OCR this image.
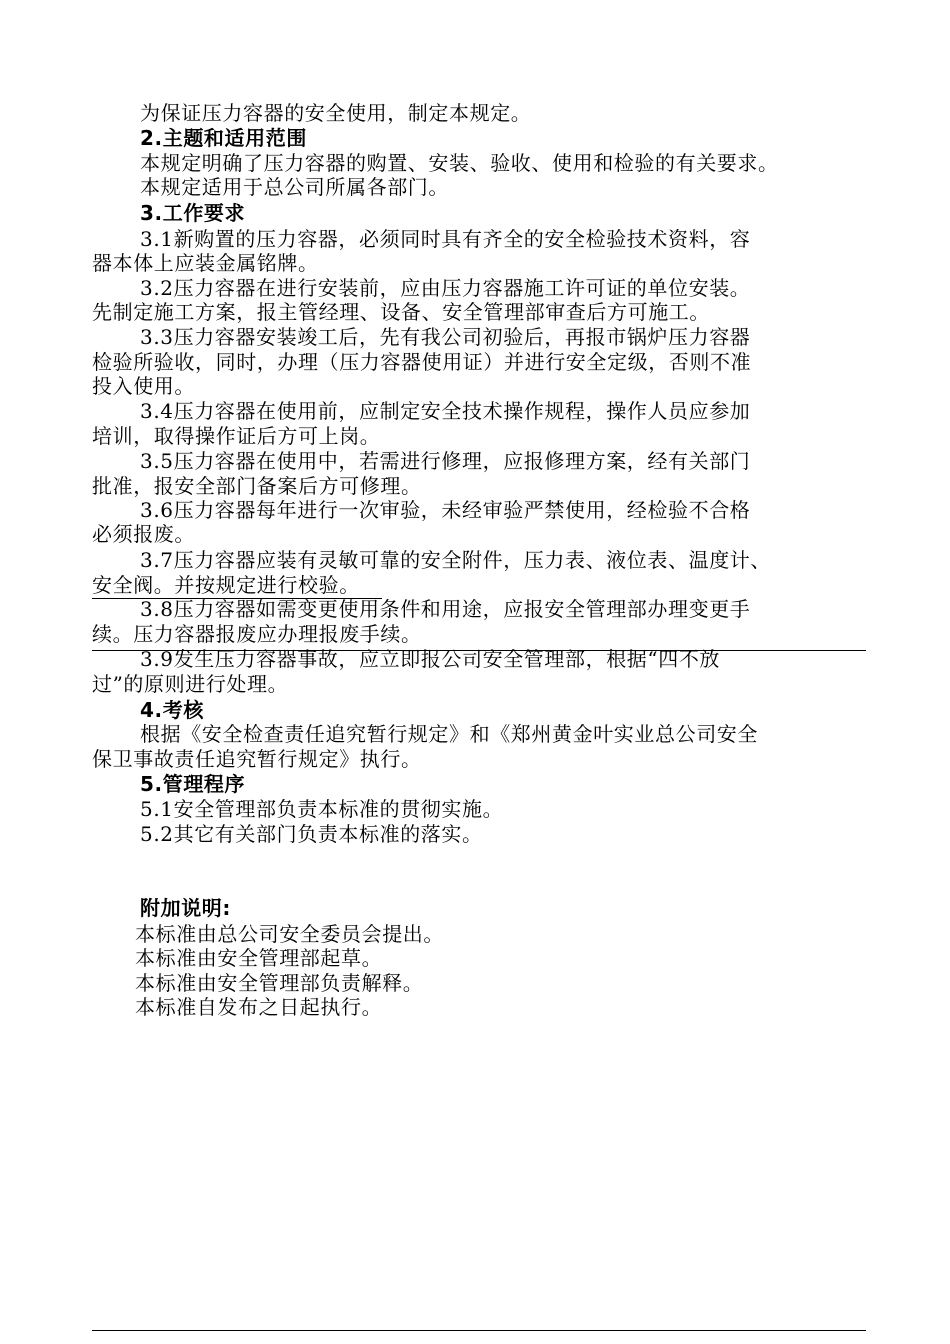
为保证压力容器的安全使用，制定本规定。
2.主题和适用范围
本规定明确了压力容器的购置、安装、验收、使用和检验的有关要求。
本规定适用于总公司所属各部门。
3.工作要求
3.1新购置的压力容器，必须同时具有齐全的安全检验技术资料，容
器本体上应装金属铭牌。
3.2压力容器在进行安装前，应由压力容器施工许可证的单位安装。
先制定施工方案，报主管经理、设备、安全管理部审查后方可施工。
3.3压力容器安装竣工后，先有我公司初验后，再报市锅炉压力容器
检验所验收，同时，办理（压力容器使用证）并进行安全定级，否则不准
投入使用。
3.4压力容器在使用前，应制定安全技术操作规程，操作人员应参加
培训，取得操作证后方可上岗。
3.5压力容器在使用中，若需进行修理，应报修理方案，经有关部门
批准，报安全部门备案后方可修理。
3.6压力容器每年进行一次审验，未经审验严禁使用，经检验不合格
必须报废。
3.7压力容器应装有灵敏可靠的安全附件，压力表、液位表、温度计、
安全阀。并按规定进行校验。
3.8压力容器如需变更使用条件和用途，应报安全管理部办理变更手
续。压力容器报废应办理报废手续。
3.9发生压力容器事故，应立即报公司安全管理部，根据“四不放
过”的原则进行处理。
4.考核
根据《安全检查责任追究暂行规定》和《郑州黄金叶实业总公司安全
保卫事故责任追究暂行规定》执行。
5.管理程序
5.1安全管理部负责本标准的贯彻实施。
5.2其它有关部门负责本标准的落实。
附加说明:
本标准由总公司安全委员会提出。
本标准由安全管理部起草。
本标准由安全管理部负责解释。
本标准自发布之日起执行。
